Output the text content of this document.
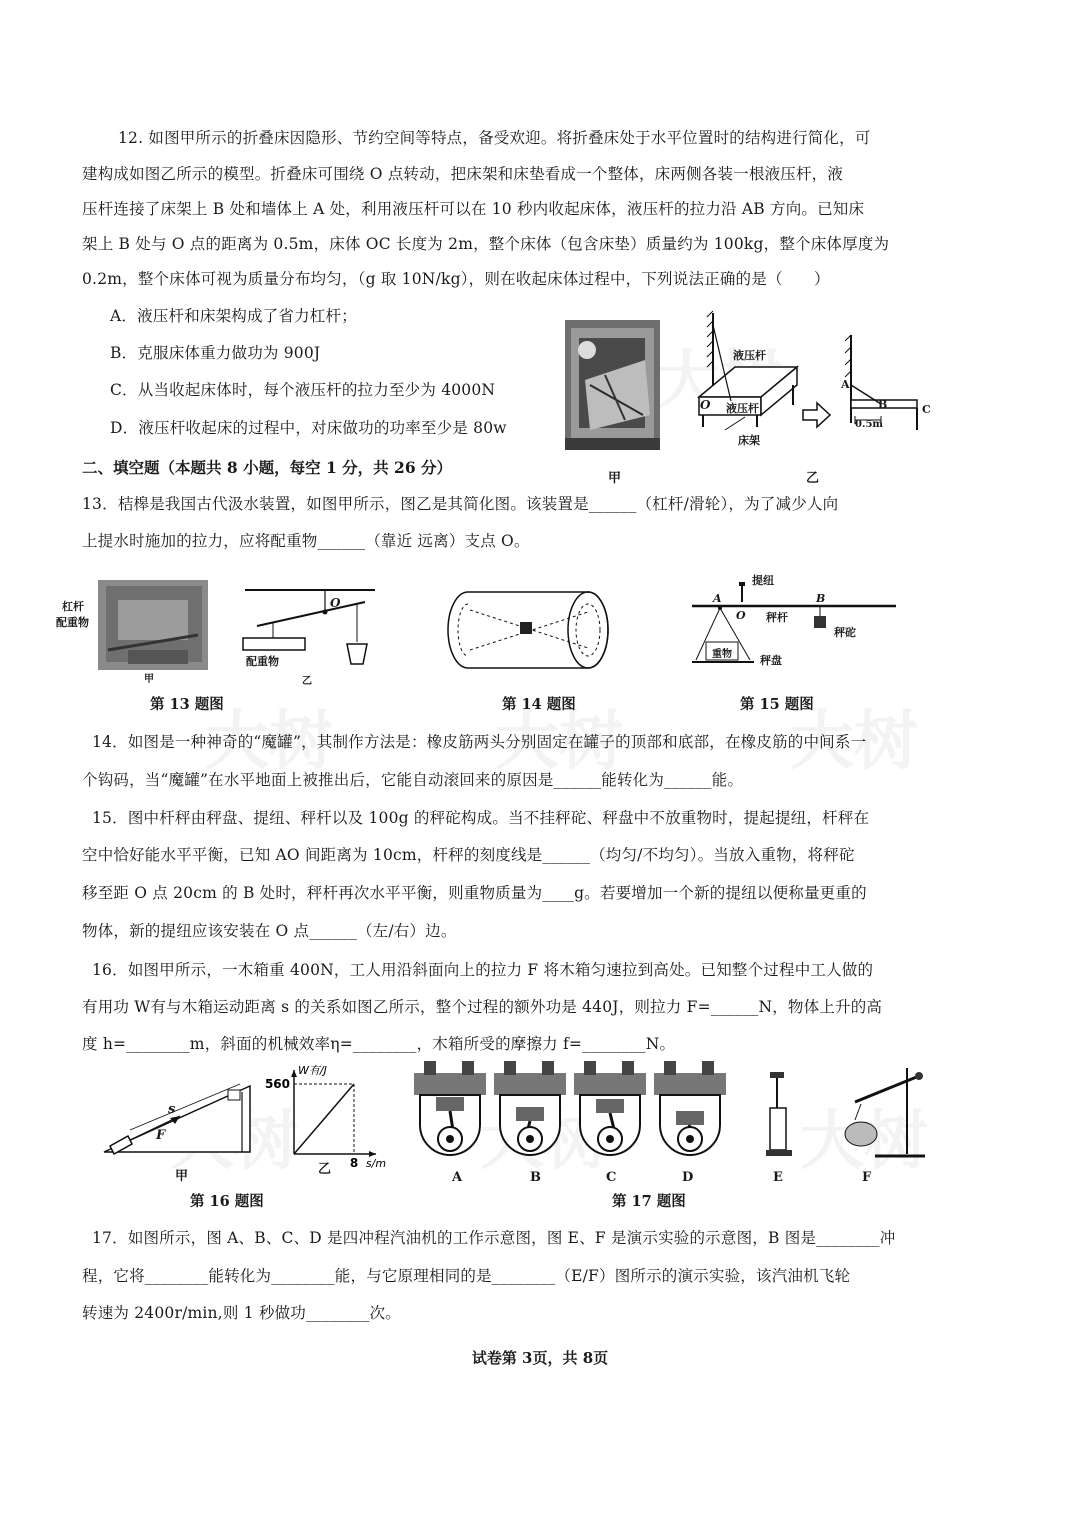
12. 如图甲所示的折叠床因隐形、节约空间等特点，备受欢迎。将折叠床处于水平位置时的结构进行简化，可
建构成如图乙所示的模型。折叠床可围绕 O 点转动，把床架和床垫看成一个整体，床两侧各装一根液压杆，液
压杆连接了床架上 B 处和墙体上 A 处，利用液压杆可以在 10 秒内收起床体，液压杆的拉力沿 AB 方向。已知床
架上 B 处与 O 点的距离为 0.5m，床体 OC 长度为 2m，整个床体（包含床垫）质量约为 100kg，整个床体厚度为
0.2m，整个床体可视为质量分布均匀，（g 取 10N/kg），则在收起床体过程中，下列说法正确的是（　　）
A．液压杆和床架构成了省力杠杆；
B．克服床体重力做功为 900J
C．从当收起床体时，每个液压杆的拉力至少为 4000N
D．液压杆收起床的过程中，对床做功的功率至少是 80w
甲
液压杆
液压杆
床架
O
A
B	C
0.5m
乙
二、填空题（本题共 8 小题，每空 1 分，共 26 分）
13．桔槔是我国古代汲水装置，如图甲所示，图乙是其简化图。该装置是______（杠杆/滑轮），为了减少人向
上提水时施加的拉力，应将配重物______（靠近 远离）支点 O。
杠杆
配重物
甲
O
配重物
乙
第 13 题图	第 14 题图
提纽
A	B
O 秤杆
秤砣
重物	秤盘
第 15 题图
14．如图是一种神奇的“魔罐”，其制作方法是：橡皮筋两头分别固定在罐子的顶部和底部，在橡皮筋的中间系一
个钩码，当“魔罐”在水平地面上被推出后，它能自动滚回来的原因是______能转化为______能。
15．图中杆秤由秤盘、提纽、秤杆以及 100g 的秤砣构成。当不挂秤砣、秤盘中不放重物时，提起提纽，杆秤在
空中恰好能水平平衡，已知 AO 间距离为 10cm，杆秤的刻度线是______（均匀/不均匀）。当放入重物，将秤砣
移至距 O 点 20cm 的 B 处时，秤杆再次水平平衡，则重物质量为____g。若要增加一个新的提纽以便称量更重的
物体，新的提纽应该安装在 O 点______（左/右）边。
16．如图甲所示，一木箱重 400N，工人用沿斜面向上的拉力 F 将木箱匀速拉到高处。已知整个过程中工人做的
有用功 W有与木箱运动距离 s 的关系如图乙所示，整个过程的额外功是 440J，则拉力 F=______N，物体上升的高
度 h=________m，斜面的机械效率η=________，木箱所受的摩擦力 f=________N。
s
F
甲
第 16 题图
560
8 s/m
W有/J
乙
A	B	C	D	E	F
第 17 题图
17．如图所示，图 A、B、C、D 是四冲程汽油机的工作示意图，图 E、F 是演示实验的示意图，B 图是________冲
程，它将________能转化为________能，与它原理相同的是________（E/F）图所示的演示实验，该汽油机飞轮
转速为 2400r/min,则 1 秒做功________次。
试卷第 3页，共 8页
